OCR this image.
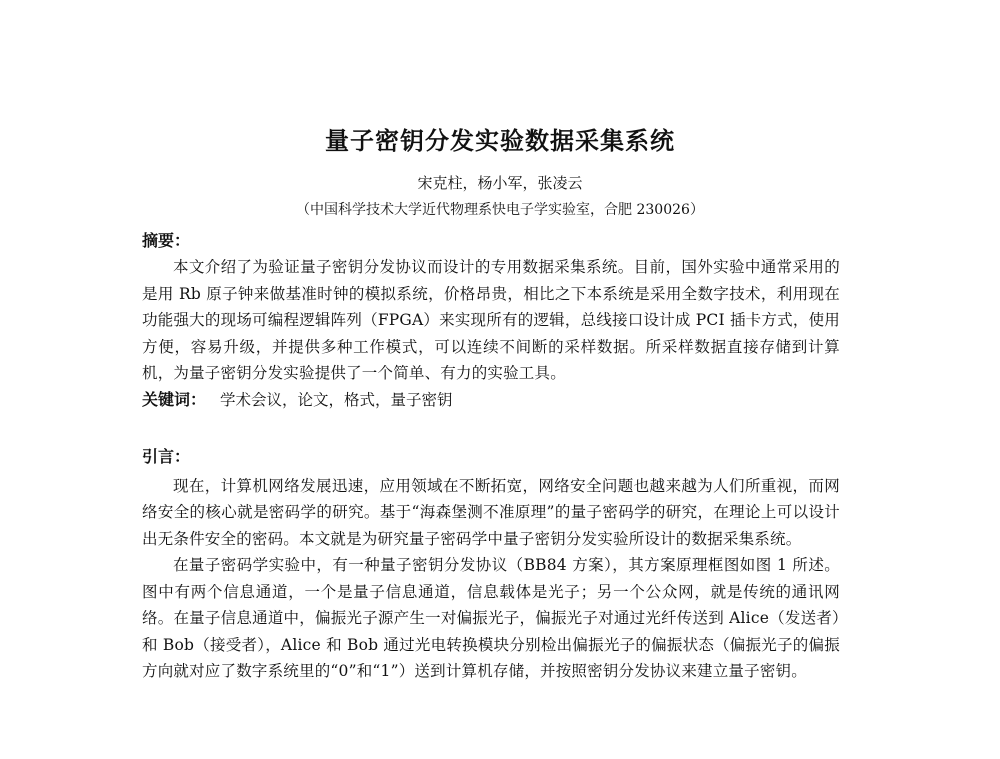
量子密钥分发实验数据采集系统
宋克柱，杨小军，张凌云
（中国科学技术大学近代物理系快电子学实验室，合肥 230026）
摘要：

本文介绍了为验证量子密钥分发协议而设计的专用数据采集系统。目前，国外实验中通常采用的是用 Rb 原子钟来做基准时钟的模拟系统，价格昂贵，相比之下本系统是采用全数字技术，利用现在功能强大的现场可编程逻辑阵列（FPGA）来实现所有的逻辑，总线接口设计成 PCI 插卡方式，使用方便，容易升级，并提供多种工作模式，可以连续不间断的采样数据。所采样数据直接存储到计算机，为量子密钥分发实验提供了一个简单、有力的实验工具。

关键词： 学术会议，论文，格式，量子密钥

引言：

现在，计算机网络发展迅速，应用领域在不断拓宽，网络安全问题也越来越为人们所重视，而网络安全的核心就是密码学的研究。基于“海森堡测不准原理”的量子密码学的研究，在理论上可以设计出无条件安全的密码。本文就是为研究量子密码学中量子密钥分发实验所设计的数据采集系统。

在量子密码学实验中，有一种量子密钥分发协议（BB84 方案），其方案原理框图如图 1 所述。图中有两个信息通道，一个是量子信息通道，信息载体是光子；另一个公众网，就是传统的通讯网络。在量子信息通道中，偏振光子源产生一对偏振光子，偏振光子对通过光纤传送到 Alice（发送者）和 Bob（接受者），Alice 和 Bob 通过光电转换模块分别检出偏振光子的偏振状态（偏振光子的偏振方向就对应了数字系统里的“0”和“1”）送到计算机存储，并按照密钥分发协议来建立量子密钥。
